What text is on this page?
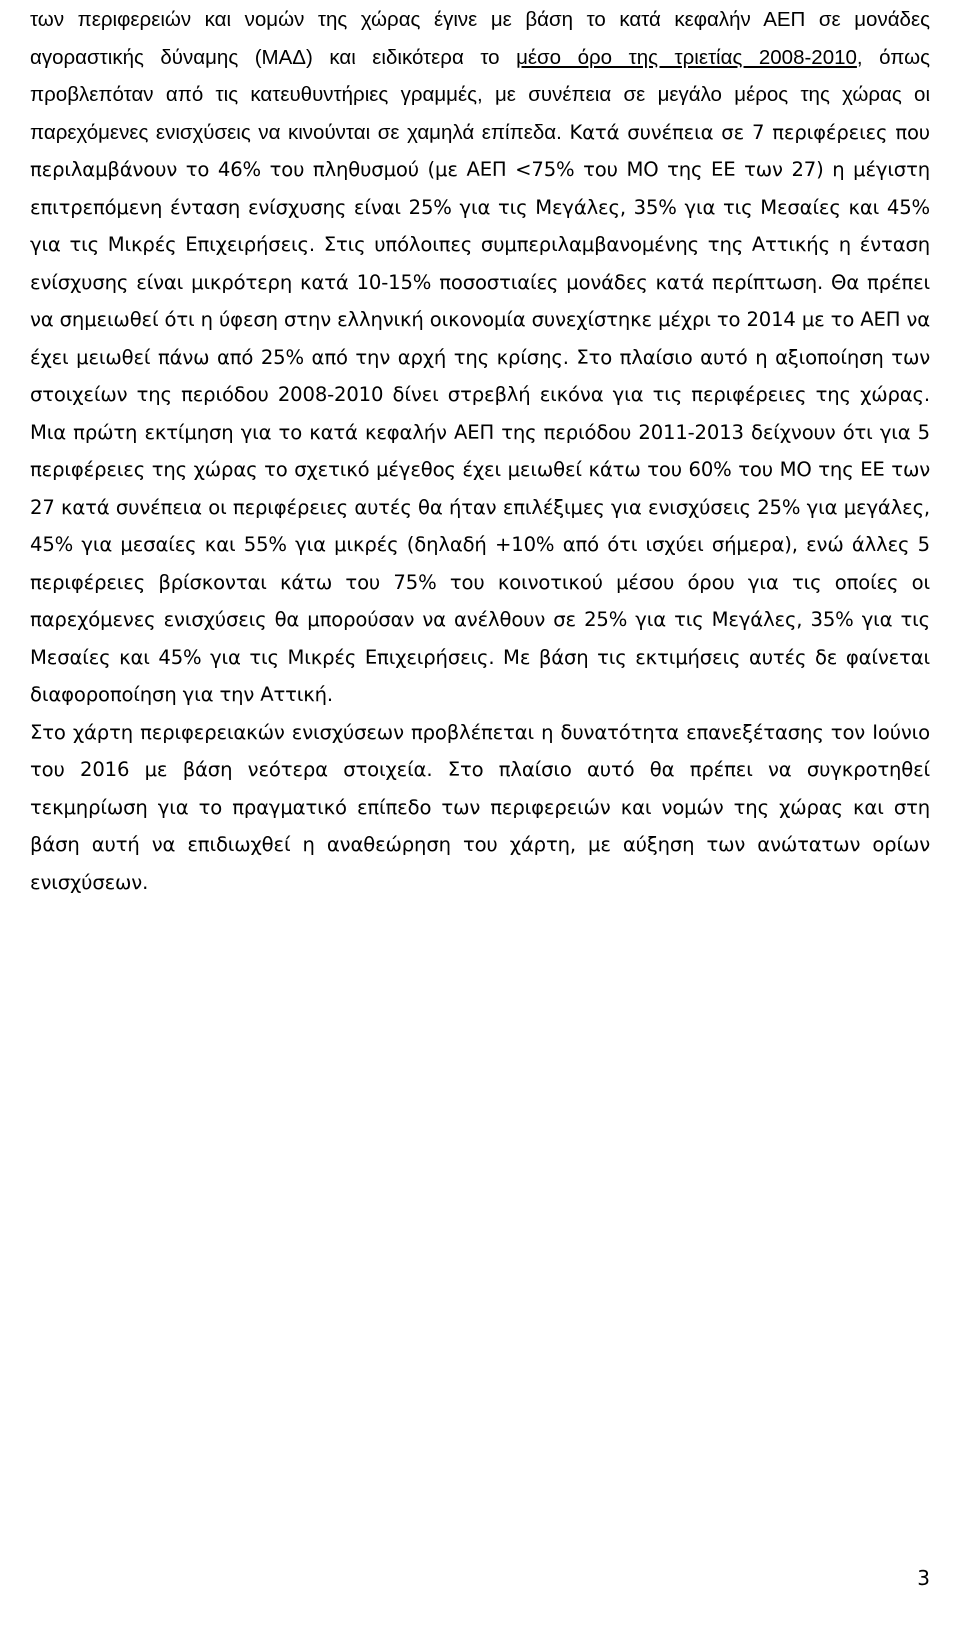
των περιφερειών και νομών της χώρας έγινε με βάση το κατά κεφαλήν ΑΕΠ σε μονάδες αγοραστικής δύναμης (ΜΑΔ) και ειδικότερα το μέσο όρο της τριετίας 2008-2010, όπως προβλεπόταν από τις κατευθυντήριες γραμμές, με συνέπεια σε μεγάλο μέρος της χώρας οι παρεχόμενες ενισχύσεις να κινούνται σε χαμηλά επίπεδα. Κατά συνέπεια σε 7 περιφέρειες που περιλαμβάνουν το 46% του πληθυσμού (με ΑΕΠ <75% του ΜΟ της ΕΕ των 27) η μέγιστη επιτρεπόμενη ένταση ενίσχυσης είναι 25% για τις Μεγάλες, 35% για τις Μεσαίες και 45% για τις Μικρές Επιχειρήσεις. Στις υπόλοιπες συμπεριλαμβανομένης της Αττικής η ένταση ενίσχυσης είναι μικρότερη κατά 10-15% ποσοστιαίες μονάδες κατά περίπτωση. Θα πρέπει να σημειωθεί ότι η ύφεση στην ελληνική οικονομία συνεχίστηκε μέχρι το 2014 με το ΑΕΠ να έχει μειωθεί πάνω από 25% από την αρχή της κρίσης. Στο πλαίσιο αυτό η αξιοποίηση των στοιχείων της περιόδου 2008-2010 δίνει στρεβλή εικόνα για τις περιφέρειες της χώρας. Μια πρώτη εκτίμηση για το κατά κεφαλήν ΑΕΠ της περιόδου 2011-2013 δείχνουν ότι για 5 περιφέρειες της χώρας το σχετικό μέγεθος έχει μειωθεί κάτω του 60% του ΜΟ της ΕΕ των 27 κατά συνέπεια οι περιφέρειες αυτές θα ήταν επιλέξιμες για ενισχύσεις 25% για μεγάλες, 45% για μεσαίες και 55% για μικρές (δηλαδή +10% από ότι ισχύει σήμερα), ενώ άλλες 5 περιφέρειες βρίσκονται κάτω του 75% του κοινοτικού μέσου όρου για τις οποίες οι παρεχόμενες ενισχύσεις θα μπορούσαν να ανέλθουν σε 25% για τις Μεγάλες, 35% για τις Μεσαίες και 45% για τις Μικρές Επιχειρήσεις. Με βάση τις εκτιμήσεις αυτές δε φαίνεται διαφοροποίηση για την Αττική.

Στο χάρτη περιφερειακών ενισχύσεων προβλέπεται η δυνατότητα επανεξέτασης τον Ιούνιο του 2016 με βάση νεότερα στοιχεία. Στο πλαίσιο αυτό θα πρέπει να συγκροτηθεί τεκμηρίωση για το πραγματικό επίπεδο των περιφερειών και νομών της χώρας και στη βάση αυτή να επιδιωχθεί η αναθεώρηση του χάρτη, με αύξηση των ανώτατων ορίων ενισχύσεων.

3
